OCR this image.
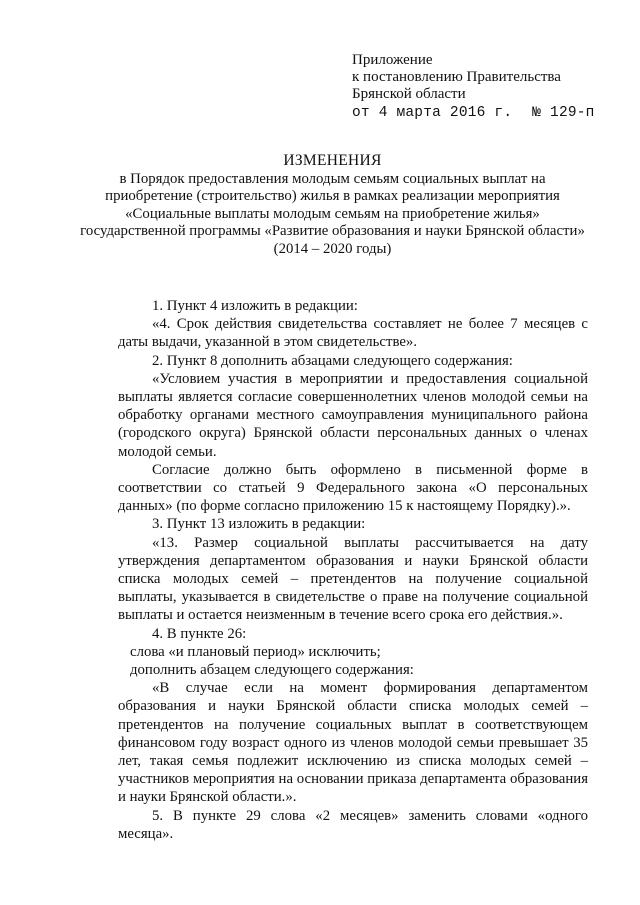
Приложение
к постановлению Правительства
Брянской области
от 4 марта 2016 г. № 129-п
ИЗМЕНЕНИЯ
в Порядок предоставления молодым семьям социальных выплат на
приобретение (строительство) жилья в рамках реализации мероприятия
«Социальные выплаты молодым семьям на приобретение жилья»
государственной программы «Развитие образования и науки Брянской области»
(2014 – 2020 годы)

1. Пункт 4 изложить в редакции:

«4. Срок действия свидетельства составляет не более 7 месяцев с даты выдачи, указанной в этом свидетельстве».

2. Пункт 8 дополнить абзацами следующего содержания:

«Условием участия в мероприятии и предоставления социальной выплаты является согласие совершеннолетних членов молодой семьи на обработку органами местного самоуправления муниципального района (городского округа) Брянской области персональных данных о членах молодой семьи.

Согласие должно быть оформлено в письменной форме в соответствии со статьей 9 Федерального закона «О персональных данных» (по форме согласно приложению 15 к настоящему Порядку).».

3. Пункт 13 изложить в редакции:

«13. Размер социальной выплаты рассчитывается на дату утверждения департаментом образования и науки Брянской области списка молодых семей – претендентов на получение социальной выплаты, указывается в свидетельстве о праве на получение социальной выплаты и остается неизменным в течение всего срока его действия.».

4. В пункте 26:

слова «и плановый период» исключить;

дополнить абзацем следующего содержания:

«В случае если на момент формирования департаментом образования и науки Брянской области списка молодых семей – претендентов на получение социальных выплат в соответствующем финансовом году возраст одного из членов молодой семьи превышает 35 лет, такая семья подлежит исключению из списка молодых семей – участников мероприятия на основании приказа департамента образования и науки Брянской области.».

5. В пункте 29 слова «2 месяцев» заменить словами «одного месяца».
